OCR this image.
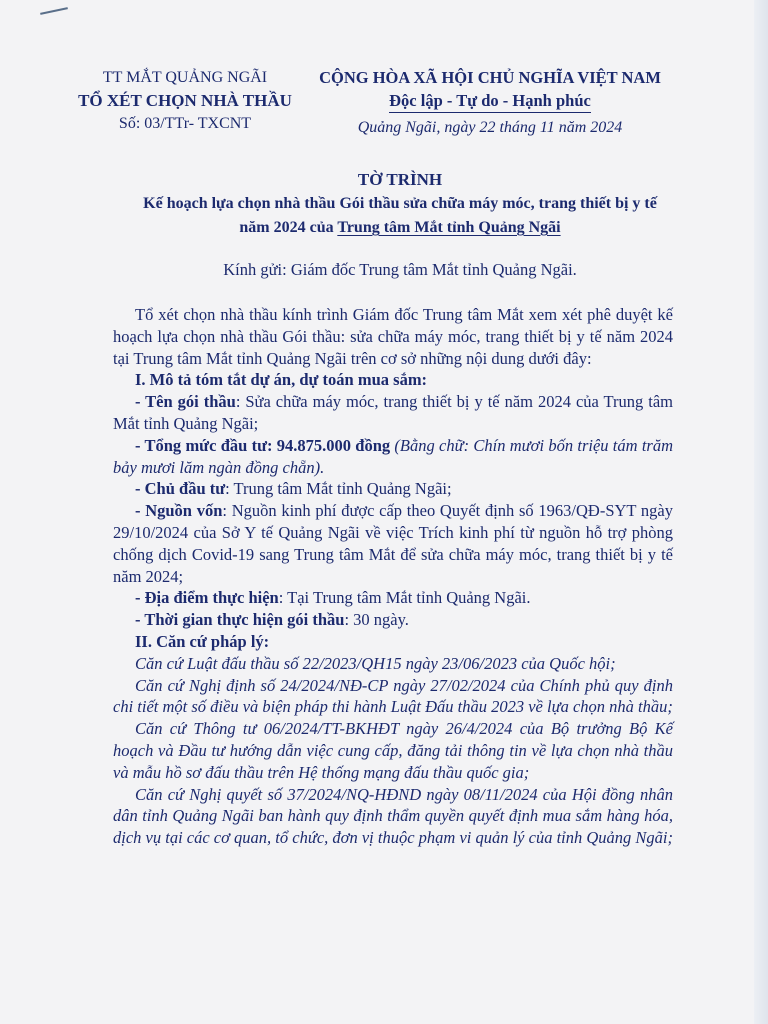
TT MẮT QUẢNG NGÃI
TỔ XÉT CHỌN NHÀ THẦU
Số: 03/TTr- TXCNT
CỘNG HÒA XÃ HỘI CHỦ NGHĨA VIỆT NAM
Độc lập - Tự do - Hạnh phúc
Quảng Ngãi, ngày 22 tháng 11 năm 2024
TỜ TRÌNH
Kế hoạch lựa chọn nhà thầu Gói thầu sửa chữa máy móc, trang thiết bị y tế
năm 2024 của Trung tâm Mắt tỉnh Quảng Ngãi
Kính gửi: Giám đốc Trung tâm Mắt tỉnh Quảng Ngãi.

Tổ xét chọn nhà thầu kính trình Giám đốc Trung tâm Mắt xem xét phê duyệt kế hoạch lựa chọn nhà thầu Gói thầu: sửa chữa máy móc, trang thiết bị y tế năm 2024 tại Trung tâm Mắt tỉnh Quảng Ngãi trên cơ sở những nội dung dưới đây:

I. Mô tả tóm tắt dự án, dự toán mua sắm:

- Tên gói thầu: Sửa chữa máy móc, trang thiết bị y tế năm 2024 của Trung tâm Mắt tỉnh Quảng Ngãi;

- Tổng mức đầu tư: 94.875.000 đồng (Bằng chữ: Chín mươi bốn triệu tám trăm bảy mươi lăm ngàn đồng chẵn).

- Chủ đầu tư: Trung tâm Mắt tỉnh Quảng Ngãi;

- Nguồn vốn: Nguồn kinh phí được cấp theo Quyết định số 1963/QĐ-SYT ngày 29/10/2024 của Sở Y tế Quảng Ngãi về việc Trích kinh phí từ nguồn hỗ trợ phòng chống dịch Covid-19 sang Trung tâm Mắt để sửa chữa máy móc, trang thiết bị y tế năm 2024;

- Địa điểm thực hiện: Tại Trung tâm Mắt tỉnh Quảng Ngãi.

- Thời gian thực hiện gói thầu: 30 ngày.

II. Căn cứ pháp lý:

Căn cứ Luật đấu thầu số 22/2023/QH15 ngày 23/06/2023 của Quốc hội;

Căn cứ Nghị định số 24/2024/NĐ-CP ngày 27/02/2024 của Chính phủ quy định chi tiết một số điều và biện pháp thi hành Luật Đấu thầu 2023 về lựa chọn nhà thầu;

Căn cứ Thông tư 06/2024/TT-BKHĐT ngày 26/4/2024 của Bộ trưởng Bộ Kế hoạch và Đầu tư hướng dẫn việc cung cấp, đăng tải thông tin về lựa chọn nhà thầu và mẫu hồ sơ đấu thầu trên Hệ thống mạng đấu thầu quốc gia;

Căn cứ Nghị quyết số 37/2024/NQ-HĐND ngày 08/11/2024 của Hội đồng nhân dân tỉnh Quảng Ngãi ban hành quy định thẩm quyền quyết định mua sắm hàng hóa, dịch vụ tại các cơ quan, tổ chức, đơn vị thuộc phạm vi quản lý của tỉnh Quảng Ngãi;
